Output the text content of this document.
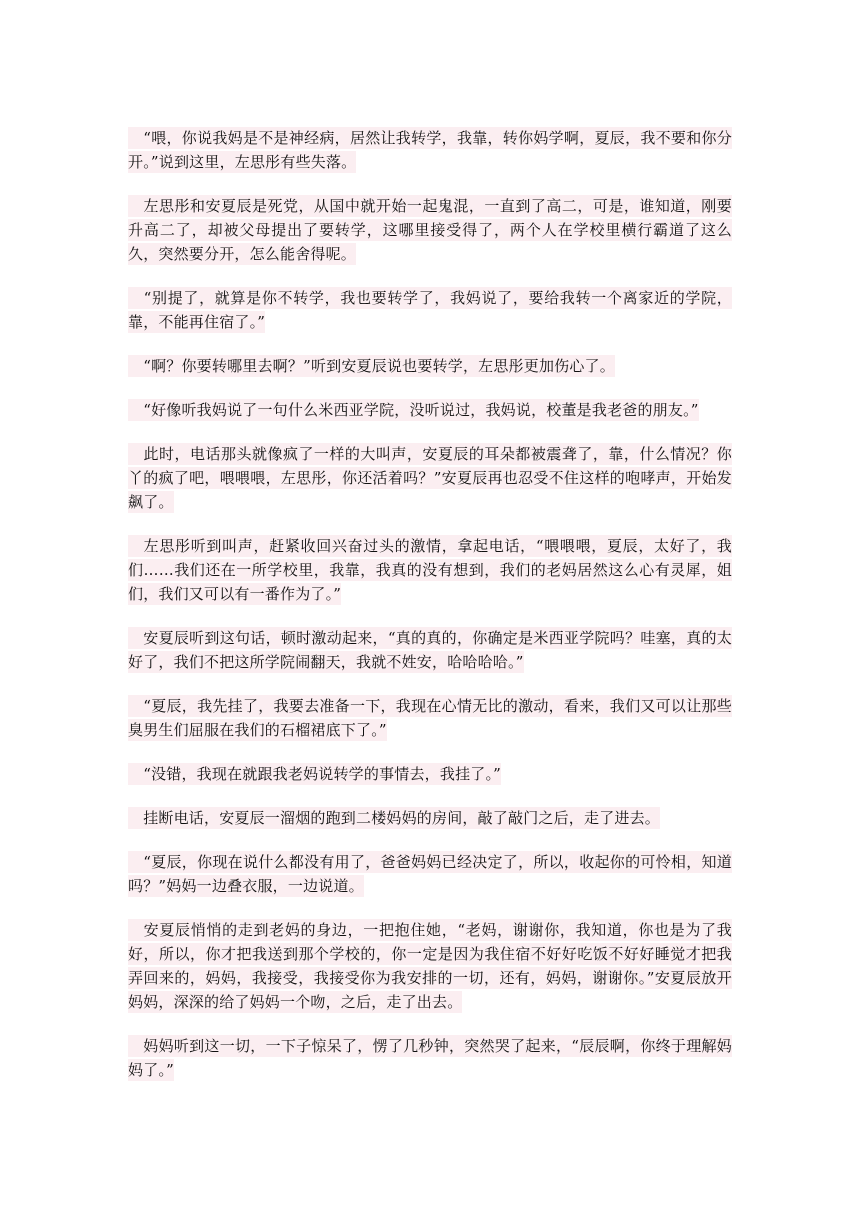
　“喂，你说我妈是不是神经病，居然让我转学，我靠，转你妈学啊，夏辰，我不要和你分开。”说到这里，左思彤有些失落。

　左思彤和安夏辰是死党，从国中就开始一起鬼混，一直到了高二，可是，谁知道，刚要升高二了，却被父母提出了要转学，这哪里接受得了，两个人在学校里横行霸道了这么久，突然要分开，怎么能舍得呢。

　“别提了，就算是你不转学，我也要转学了，我妈说了，要给我转一个离家近的学院，靠，不能再住宿了。”

　“啊？你要转哪里去啊？”听到安夏辰说也要转学，左思彤更加伤心了。

　“好像听我妈说了一句什么米西亚学院，没听说过，我妈说，校董是我老爸的朋友。”

　此时，电话那头就像疯了一样的大叫声，安夏辰的耳朵都被震聋了，靠，什么情况？你丫的疯了吧，喂喂喂，左思彤，你还活着吗？”安夏辰再也忍受不住这样的咆哮声，开始发飙了。

　左思彤听到叫声，赶紧收回兴奋过头的激情，拿起电话，“喂喂喂，夏辰，太好了，我们……我们还在一所学校里，我靠，我真的没有想到，我们的老妈居然这么心有灵犀，姐们，我们又可以有一番作为了。”

　安夏辰听到这句话，顿时激动起来，“真的真的，你确定是米西亚学院吗？哇塞，真的太好了，我们不把这所学院闹翻天，我就不姓安，哈哈哈哈。”

　“夏辰，我先挂了，我要去准备一下，我现在心情无比的激动，看来，我们又可以让那些臭男生们屈服在我们的石榴裙底下了。”

　“没错，我现在就跟我老妈说转学的事情去，我挂了。”

　挂断电话，安夏辰一溜烟的跑到二楼妈妈的房间，敲了敲门之后，走了进去。

　“夏辰，你现在说什么都没有用了，爸爸妈妈已经决定了，所以，收起你的可怜相，知道吗？”妈妈一边叠衣服，一边说道。

　安夏辰悄悄的走到老妈的身边，一把抱住她，“老妈，谢谢你，我知道，你也是为了我好，所以，你才把我送到那个学校的，你一定是因为我住宿不好好吃饭不好好睡觉才把我弄回来的，妈妈，我接受，我接受你为我安排的一切，还有，妈妈，谢谢你。”安夏辰放开妈妈，深深的给了妈妈一个吻，之后，走了出去。

　妈妈听到这一切，一下子惊呆了，愣了几秒钟，突然哭了起来，“辰辰啊，你终于理解妈妈了。”
